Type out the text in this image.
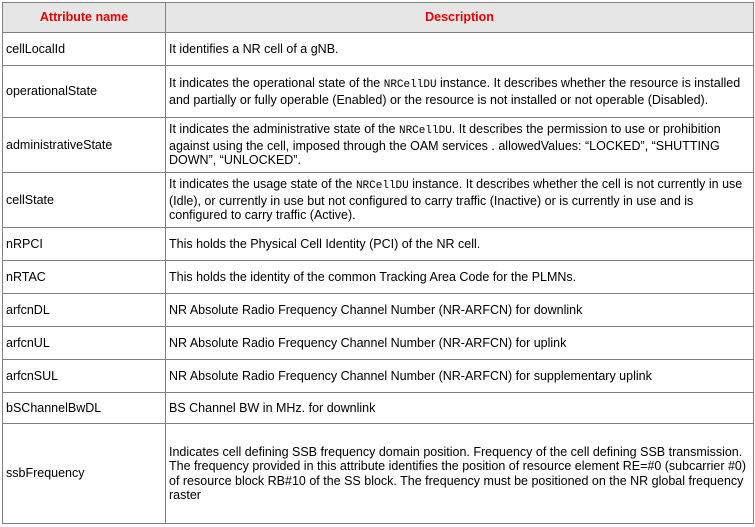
Attribute name	Description
cellLocalId	It identifies a NR cell of a gNB.
operationalState	It indicates the operational state of the NRCellDU instance. It describes whether the resource is installed and partially or fully operable (Enabled) or the resource is not installed or not operable (Disabled).
administrativeState	It indicates the administrative state of the NRCellDU. It describes the permission to use or prohibition against using the cell, imposed through the OAM services . allowedValues: “LOCKED”, “SHUTTING DOWN”, “UNLOCKED”.
cellState	It indicates the usage state of the NRCellDU instance. It describes whether the cell is not currently in use (Idle), or currently in use but not configured to carry traffic (Inactive) or is currently in use and is configured to carry traffic (Active).
nRPCI	This holds the Physical Cell Identity (PCI) of the NR cell.
nRTAC	This holds the identity of the common Tracking Area Code for the PLMNs.
arfcnDL	NR Absolute Radio Frequency Channel Number (NR-ARFCN) for downlink
arfcnUL	NR Absolute Radio Frequency Channel Number (NR-ARFCN) for uplink
arfcnSUL	NR Absolute Radio Frequency Channel Number (NR-ARFCN) for supplementary uplink
bSChannelBwDL	BS Channel BW in MHz. for downlink
ssbFrequency	Indicates cell defining SSB frequency domain position. Frequency of the cell defining SSB transmission. The frequency provided in this attribute identifies the position of resource element RE=#0 (subcarrier #0) of resource block RB#10 of the SS block. The frequency must be positioned on the NR global frequency raster
